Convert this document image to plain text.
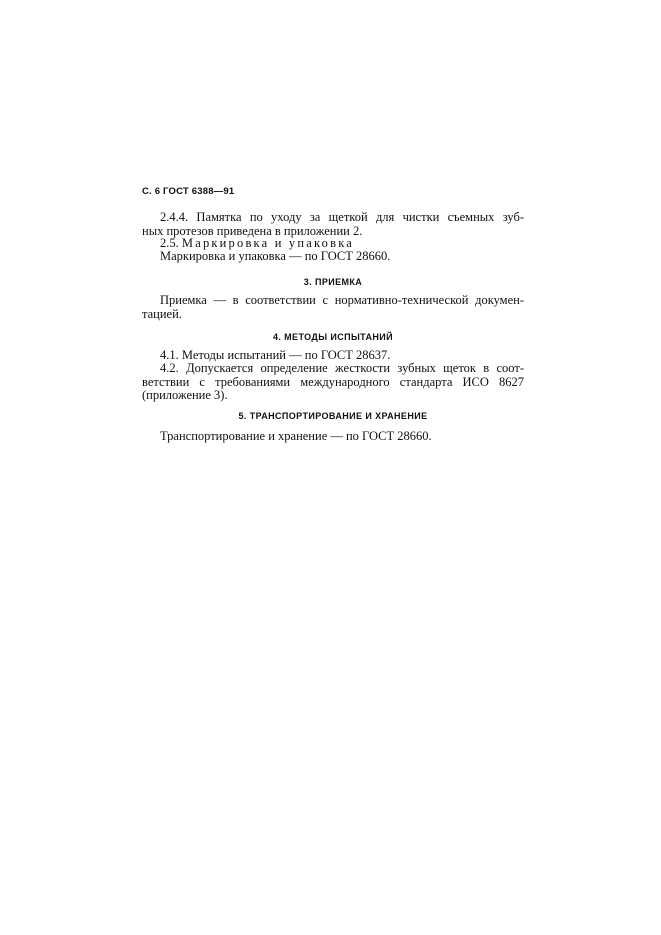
С. 6 ГОСТ 6388—91
2.4.4. Памятка по уходу за щеткой для чистки съемных зуб-
ных протезов приведена в приложении 2.
2.5. Маркировка и упаковка
Маркировка и упаковка — по ГОСТ 28660.
3. ПРИЕМКА
Приемка — в соответствии с нормативно-технической докумен-
тацией.
4. МЕТОДЫ ИСПЫТАНИЙ
4.1. Методы испытаний — по ГОСТ 28637.
4.2. Допускается определение жесткости зубных щеток в соот-
ветствии с требованиями международного стандарта ИСО 8627
(приложение 3).
5. ТРАНСПОРТИРОВАНИЕ И ХРАНЕНИЕ
Транспортирование и хранение — по ГОСТ 28660.
